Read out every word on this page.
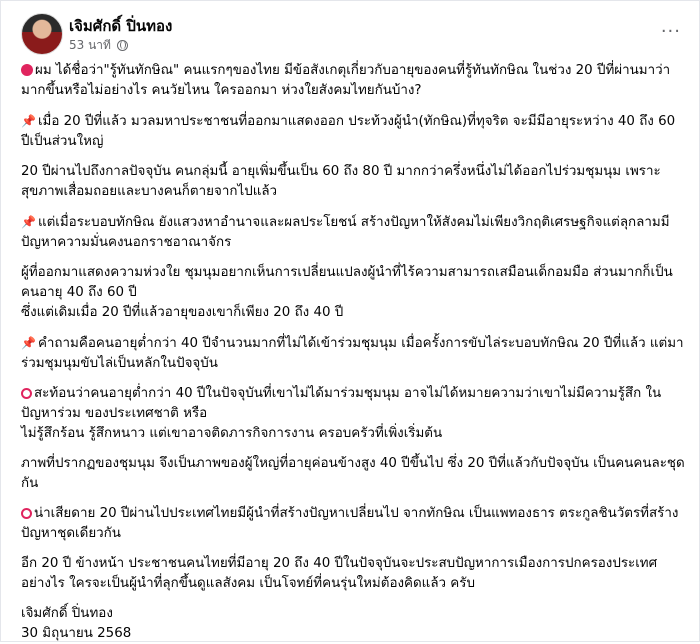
เจิมศักดิ์ ปิ่นทอง
53 นาที
···
ผม ได้ชื่อว่า"รู้ทันทักษิณ" คนแรกๆของไทย มีข้อสังเกตุเกี่ยวกับอายุของคนที่รู้ทันทักษิณ ในช่วง 20 ปีที่ผ่านมาว่ามากขึ้นหรือไม่อย่างไร คนวัยไหน ใครออกมา ห่วงใยสังคมไทยกันบ้าง?
📌 เมื่อ 20 ปีที่แล้ว มวลมหาประชาชนที่ออกมาแสดงออก ประท้วงผู้นำ(ทักษิณ)ที่ทุจริต จะมีมีอายุระหว่าง 40 ถึง 60 ปีเป็นส่วนใหญ่
20 ปีผ่านไปถึงกาลปัจจุบัน คนกลุ่มนี้ อายุเพิ่มขึ้นเป็น 60 ถึง 80 ปี มากกว่าครึ่งหนึ่งไม่ได้ออกไปร่วมชุมนุม เพราะสุขภาพเสื่อมถอยและบางคนก็ตายจากไปแล้ว
📌 แต่เมื่อระบอบทักษิณ ยังแสวงหาอำนาจและผลประโยชน์ สร้างปัญหาให้สังคมไม่เพียงวิกฤติเศรษฐกิจแต่ลุกลามมีปัญหาความมั่นคงนอกราชอาณาจักร
ผู้ที่ออกมาแสดงความห่วงใย ชุมนุมอยากเห็นการเปลี่ยนแปลงผู้นำที่ไร้ความสามารถเสมือนเด็กอมมือ ส่วนมากก็เป็นคนอายุ 40 ถึง 60 ปี
ซึ่งแต่เดิมเมื่อ 20 ปีที่แล้วอายุของเขาก็เพียง 20 ถึง 40 ปี
📌 คำถามคือคนอายุต่ำกว่า 40 ปีจำนวนมากที่ไม่ได้เข้าร่วมชุมนุม เมื่อครั้งการขับไล่ระบอบทักษิณ 20 ปีที่แล้ว แต่มาร่วมชุมนุมขับไล่เป็นหลักในปัจจุบัน
สะท้อนว่าคนอายุต่ำกว่า 40 ปีในปัจจุบันที่เขาไม่ได้มาร่วมชุมนุม อาจไม่ได้หมายความว่าเขาไม่มีความรู้สึก ในปัญหาร่วม ของประเทศชาติ หรือ
ไม่รู้สึกร้อน รู้สึกหนาว แต่เขาอาจติดภารกิจการงาน ครอบครัวที่เพิ่งเริ่มต้น
ภาพที่ปรากฏของชุมนุม จึงเป็นภาพของผู้ใหญ่ที่อายุค่อนข้างสูง 40 ปีขึ้นไป ซึ่ง 20 ปีที่แล้วกับปัจจุบัน เป็นคนคนละชุดกัน
น่าเสียดาย 20 ปีผ่านไปประเทศไทยมีผู้นำที่สร้างปัญหาเปลี่ยนไป จากทักษิณ เป็นแพทองธาร ตระกูลชินวัตรที่สร้างปัญหาชุดเดียวกัน
อีก 20 ปี ข้างหน้า ประชาชนคนไทยที่มีอายุ 20 ถึง 40 ปีในปัจจุบันจะประสบปัญหาการเมืองการปกครองประเทศอย่างไร ใครจะเป็นผู้นำที่ลุกขึ้นดูแลสังคม เป็นโจทย์ที่คนรุ่นใหม่ต้องคิดแล้ว ครับ
เจิมศักดิ์ ปิ่นทอง
30 มิถุนายน 2568
